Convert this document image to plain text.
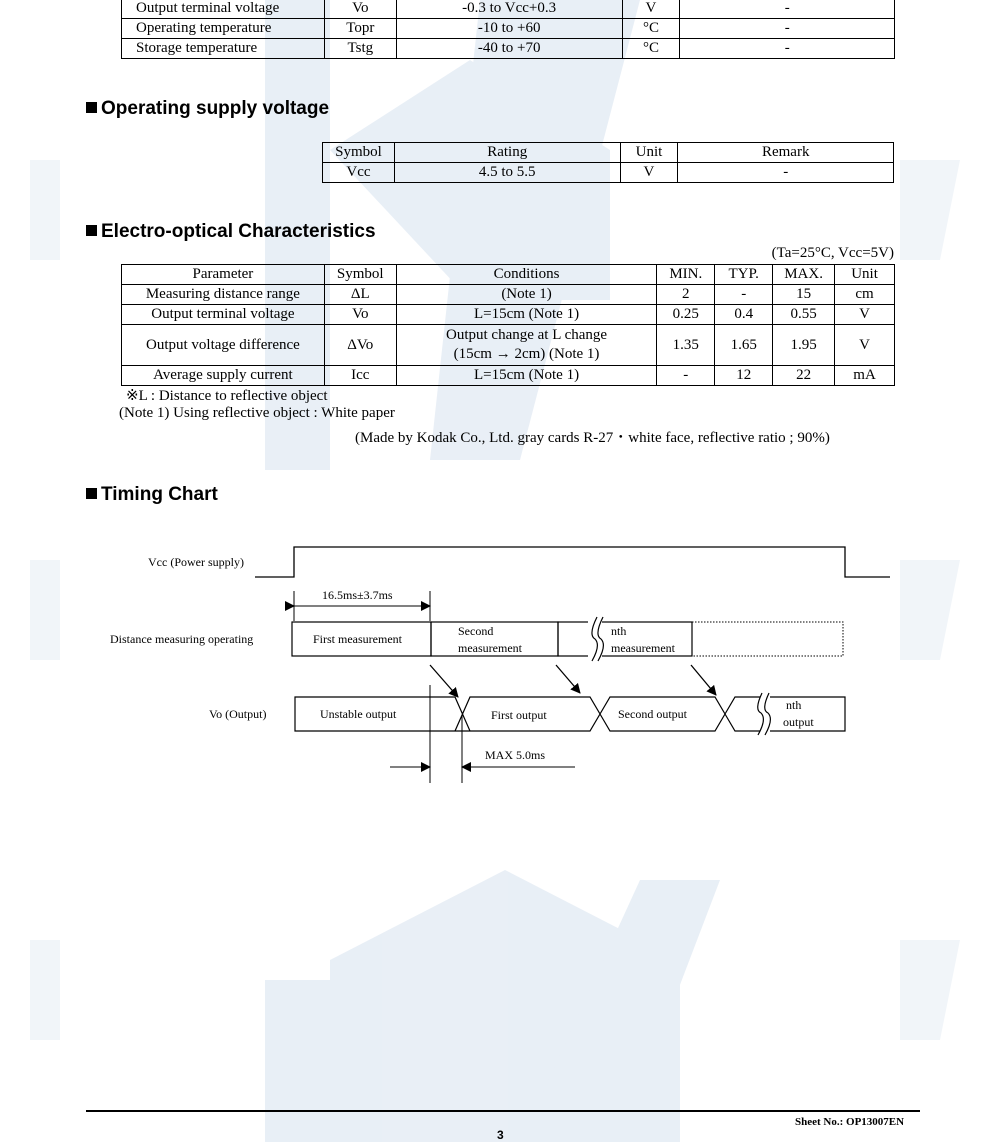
Output terminal voltage	Vo	-0.3 to Vcc+0.3	V	-
Operating temperature	Topr	-10 to +60	°C	-
Storage temperature	Tstg	-40 to +70	°C	-
Operating supply voltage
Symbol	Rating	Unit	Remark
Vcc	4.5 to 5.5	V	-
Electro-optical Characteristics
(Ta=25°C, Vcc=5V)
Parameter	Symbol	Conditions	MIN.	TYP.	MAX.	Unit
Measuring distance range	ΔL	(Note 1)	2	-	15	cm
Output terminal voltage	Vo	L=15cm (Note 1)	0.25	0.4	0.55	V
Output voltage difference	ΔVo	Output change at L change
(15cm → 2cm) (Note 1)	1.35	1.65	1.95	V
Average supply current	Icc	L=15cm (Note 1)	-	12	22	mA
※L : Distance to reflective object
(Note 1) Using reflective object : White paper
(Made by Kodak Co., Ltd. gray cards R-27・white face, reflective ratio ; 90%)
Timing Chart
Vcc (Power supply)
16.5ms±3.7ms
Distance measuring operating	First measurement
Second
measurement
nth
measurement
Vo (Output)	Unstable output	First output	Second output
nth
output
MAX 5.0ms
Sheet No.: OP13007EN
3
